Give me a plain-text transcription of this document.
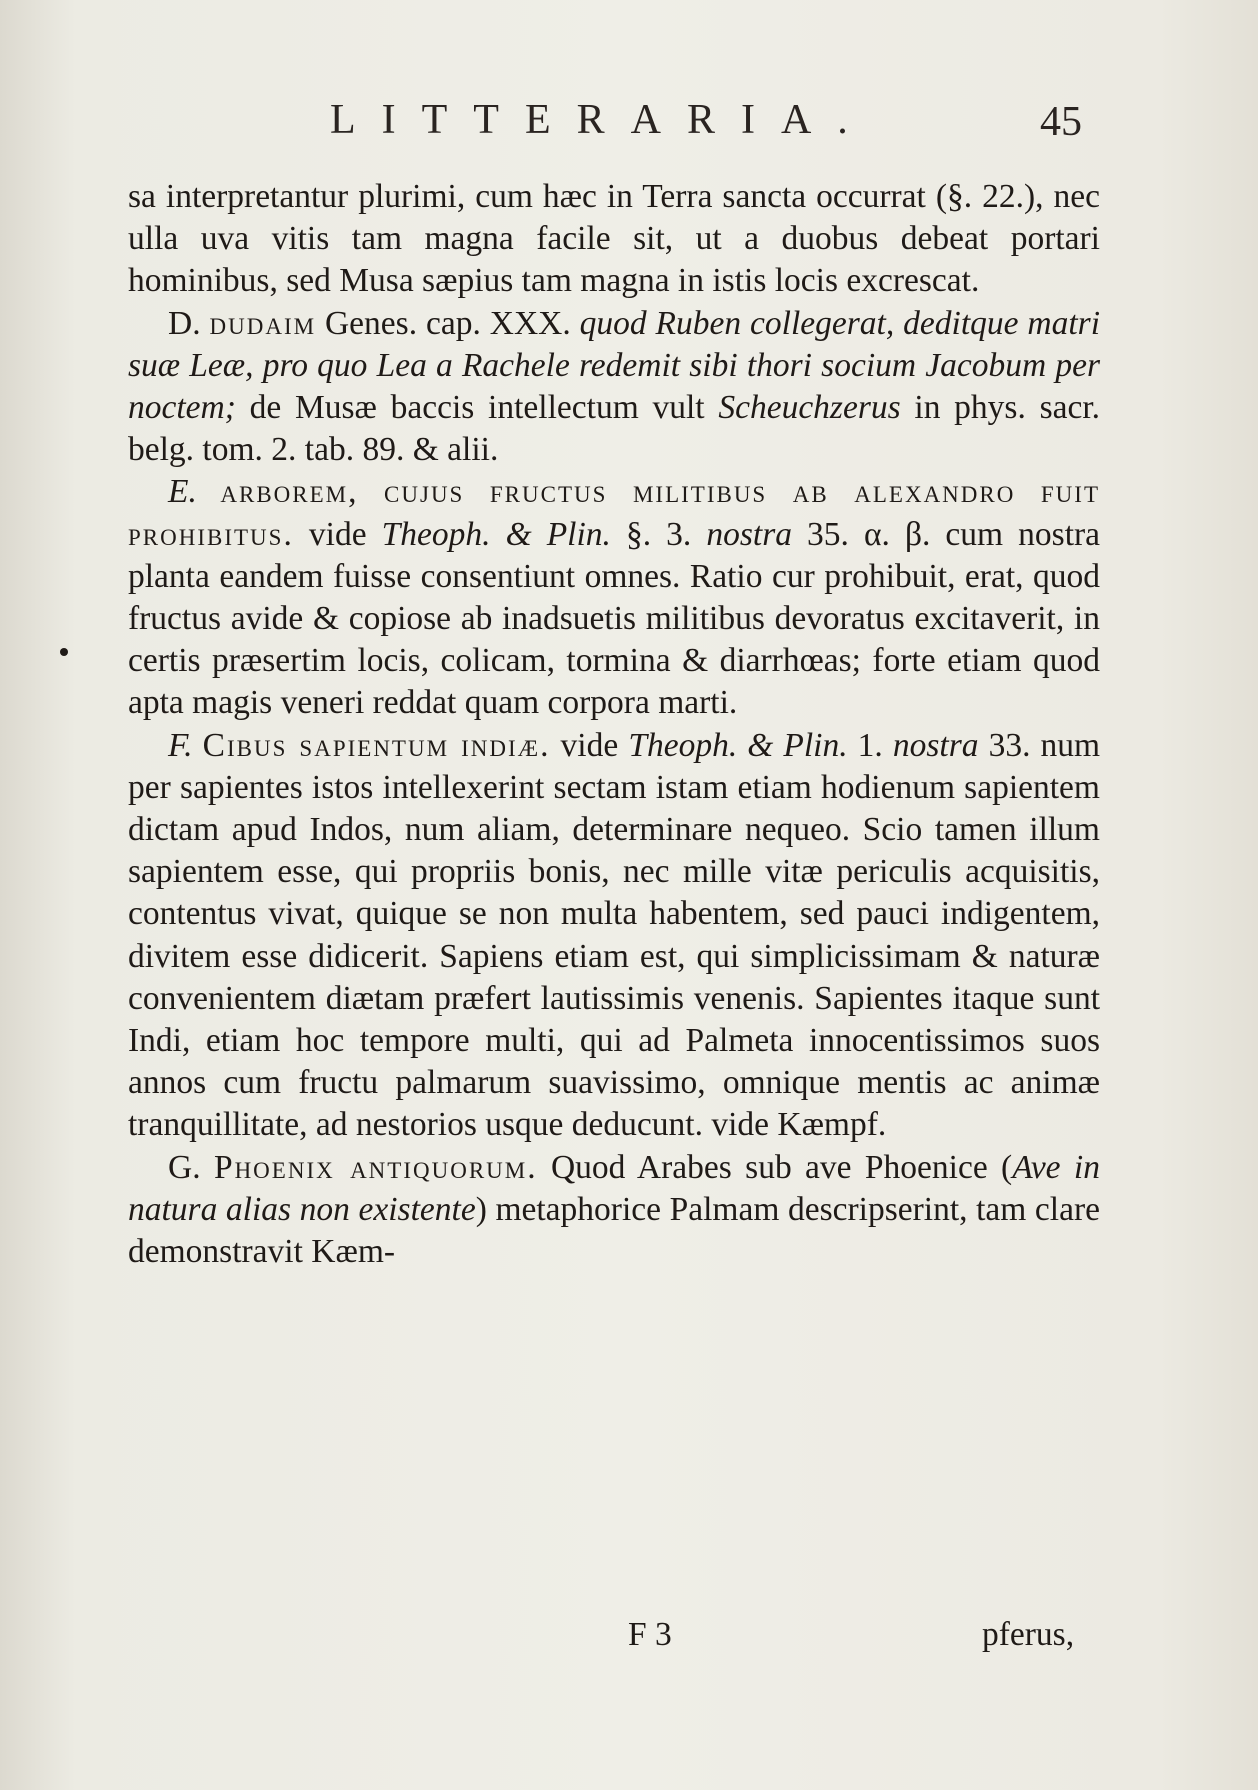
LITTERARIA.	45

sa interpretantur plurimi, cum hæc in Terra sancta occurrat (§. 22.), nec ulla uva vitis tam magna facile sit, ut a duobus debeat portari hominibus, sed Musa sæpius tam magna in istis locis excrescat.

D. dudaim Genes. cap. XXX. quod Ruben collegerat, deditque matri suæ Leæ, pro quo Lea a Rachele redemit sibi thori socium Jacobum per noctem; de Musæ baccis intellectum vult Scheuchzerus in phys. sacr. belg. tom. 2. tab. 89. & alii.

E. arborem, cujus fructus militibus ab alexandro fuit prohibitus. vide Theoph. & Plin. §. 3. nostra 35. α. β. cum nostra planta eandem fuisse consentiunt omnes. Ratio cur prohibuit, erat, quod fructus avide & copiose ab inadsuetis militibus devoratus excitaverit, in certis præsertim locis, colicam, tormina & diarrhœas; forte etiam quod apta magis veneri reddat quam corpora marti.

F. Cibus sapientum indiæ. vide Theoph. & Plin. 1. nostra 33. num per sapientes istos intellexerint sectam istam etiam hodienum sapientem dictam apud Indos, num aliam, determinare nequeo. Scio tamen illum sapientem esse, qui propriis bonis, nec mille vitæ periculis acquisitis, contentus vivat, quique se non multa habentem, sed pauci indigentem, divitem esse didicerit. Sapiens etiam est, qui simplicissimam & naturæ convenientem diætam præfert lautissimis venenis. Sapientes itaque sunt Indi, etiam hoc tempore multi, qui ad Palmeta innocentissimos suos annos cum fructu palmarum suavissimo, omnique mentis ac animæ tranquillitate, ad nestorios usque deducunt. vide Kæmpf.

G. Phoenix antiquorum. Quod Arabes sub ave Phoenice (Ave in natura alias non existente) metaphorice Palmam descripserint, tam clare demonstravit Kæm-

F 3	pferus,
